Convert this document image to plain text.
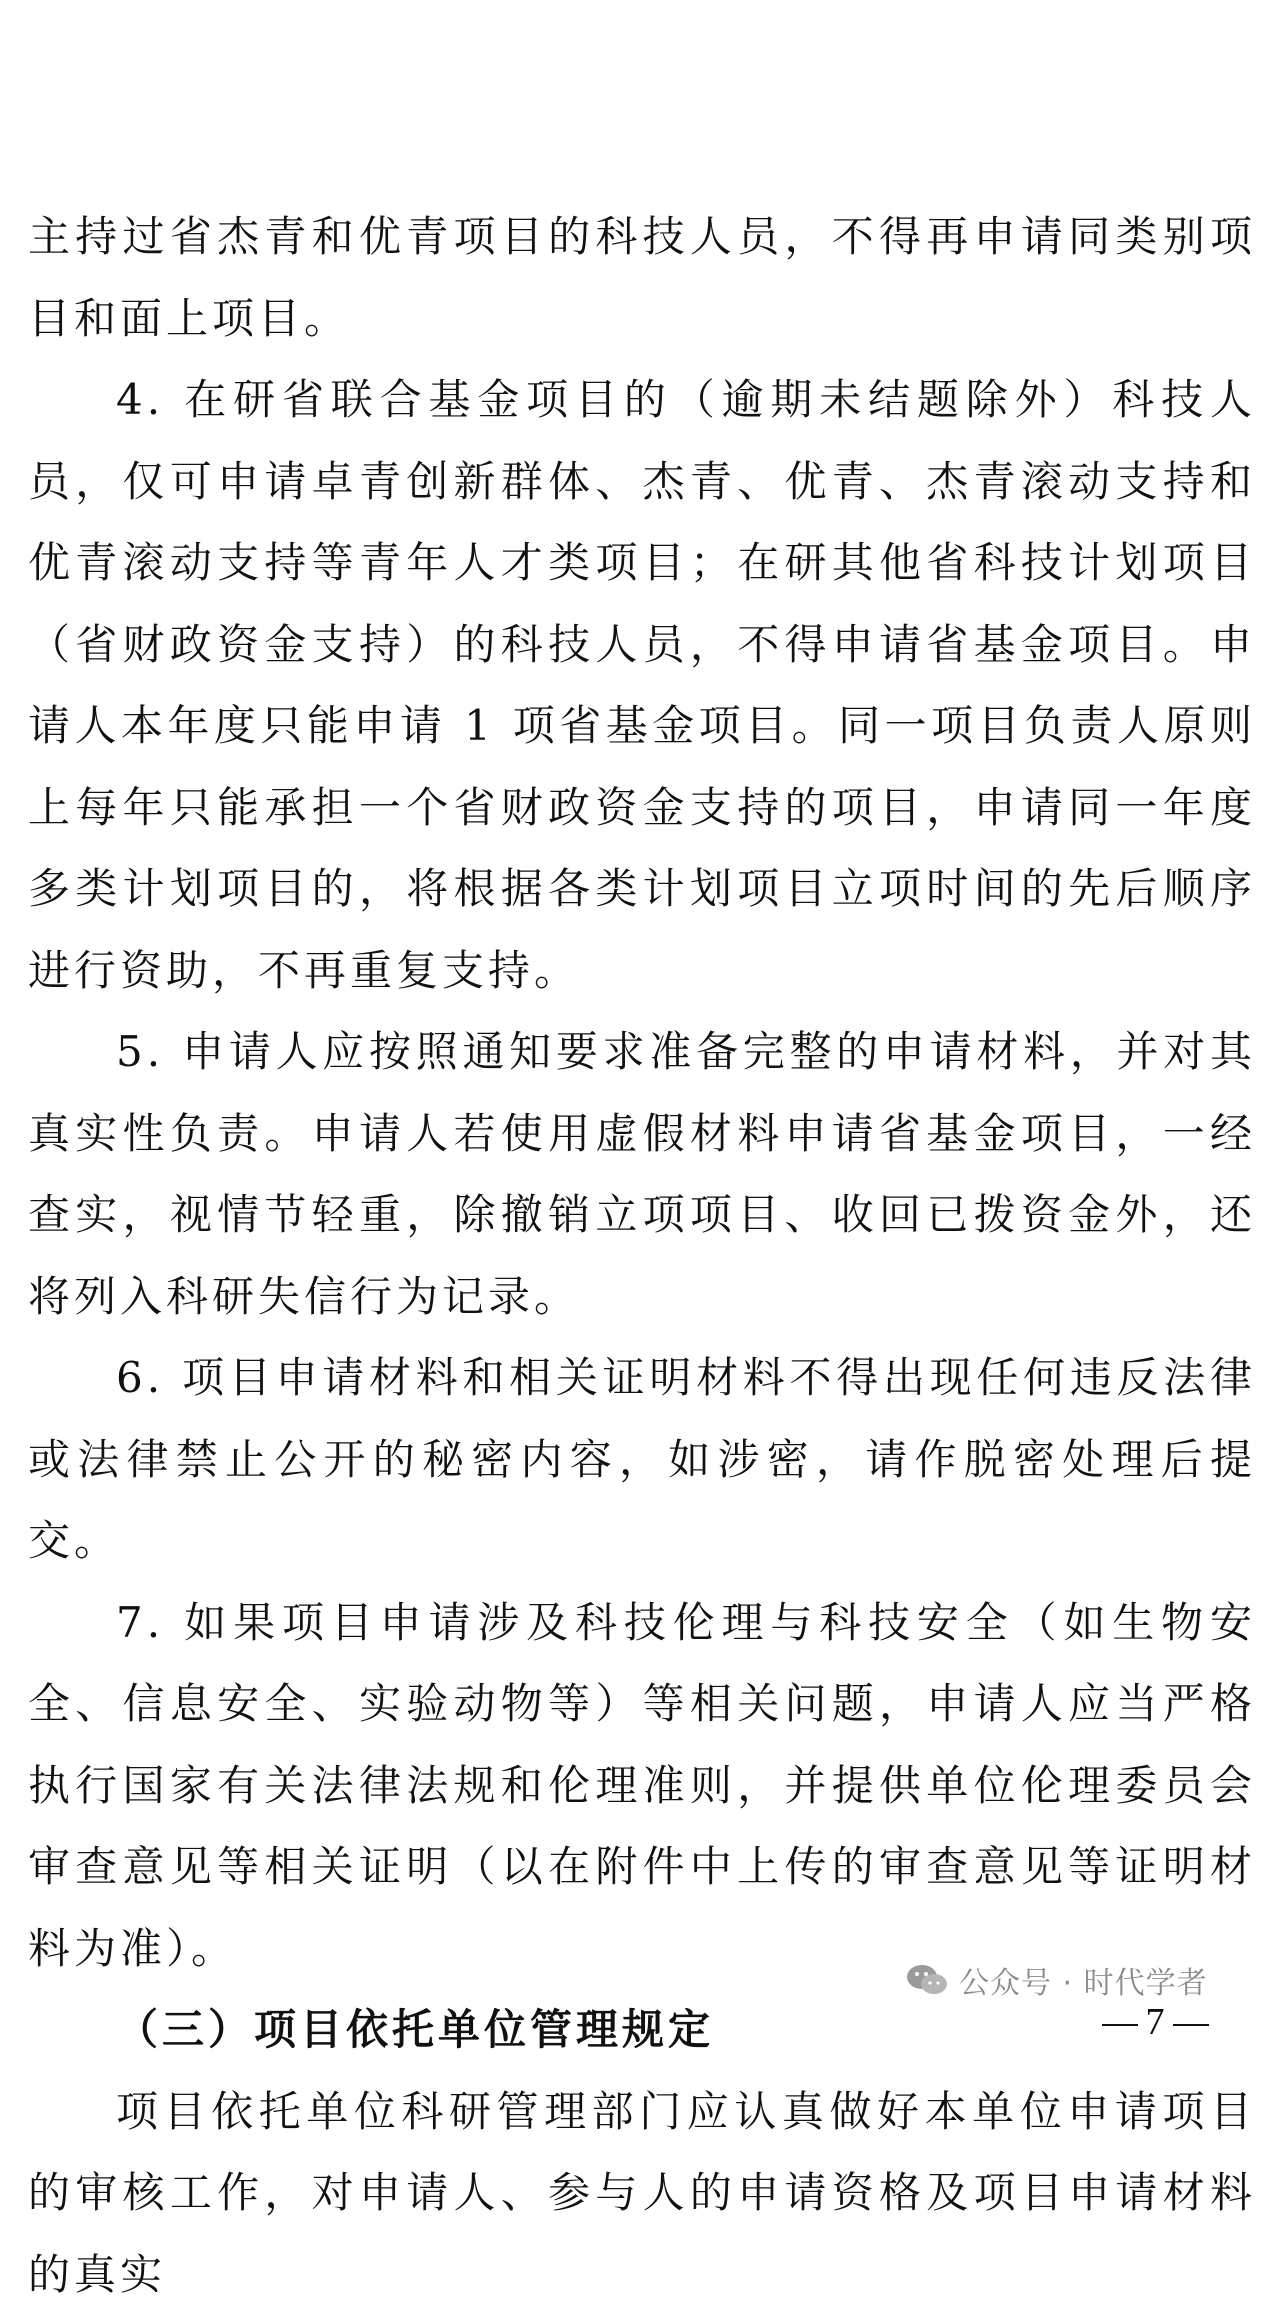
主持过省杰青和优青项目的科技人员，不得再申请同类别项目和面上项目。

4. 在研省联合基金项目的（逾期未结题除外）科技人员，仅可申请卓青创新群体、杰青、优青、杰青滚动支持和优青滚动支持等青年人才类项目；在研其他省科技计划项目（省财政资金支持）的科技人员，不得申请省基金项目。申请人本年度只能申请 1 项省基金项目。同一项目负责人原则上每年只能承担一个省财政资金支持的项目，申请同一年度多类计划项目的，将根据各类计划项目立项时间的先后顺序进行资助，不再重复支持。

5. 申请人应按照通知要求准备完整的申请材料，并对其真实性负责。申请人若使用虚假材料申请省基金项目，一经查实，视情节轻重，除撤销立项项目、收回已拨资金外，还将列入科研失信行为记录。

6. 项目申请材料和相关证明材料不得出现任何违反法律或法律禁止公开的秘密内容，如涉密，请作脱密处理后提交。

7. 如果项目申请涉及科技伦理与科技安全（如生物安全、信息安全、实验动物等）等相关问题，申请人应当严格执行国家有关法律法规和伦理准则，并提供单位伦理委员会审查意见等相关证明（以在附件中上传的审查意见等证明材料为准）。

（三）项目依托单位管理规定

项目依托单位科研管理部门应认真做好本单位申请项目的审核工作，对申请人、参与人的申请资格及项目申请材料的真实

公众号 · 时代学者
7
